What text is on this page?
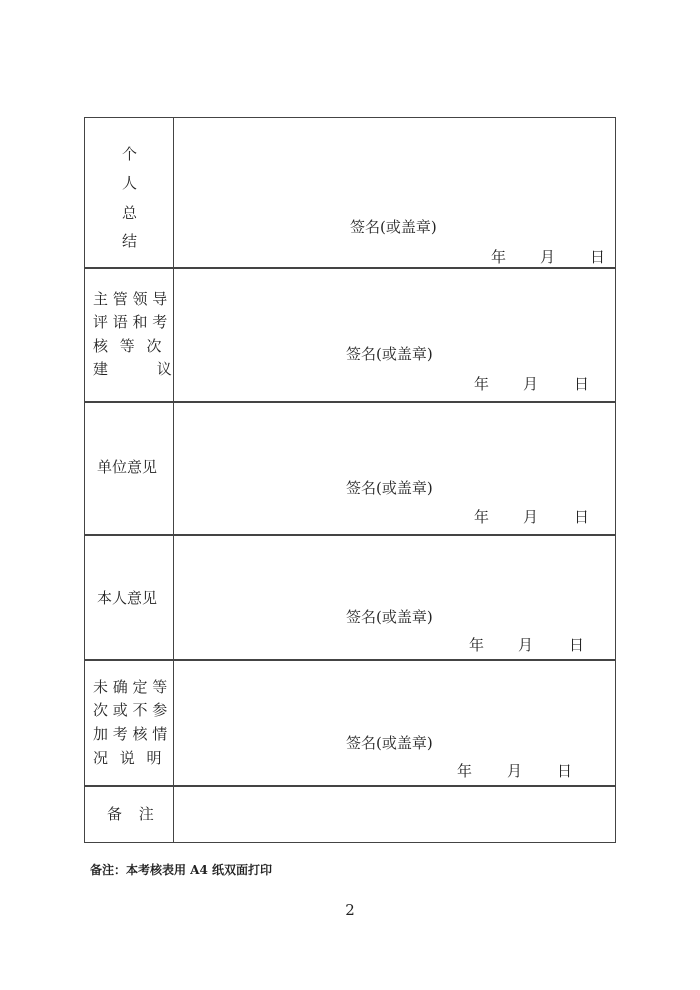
个
人
总
结
签名(或盖章)
年 月 日
主 管 领 导
评 语 和 考
核 等 次
建 议
签名(或盖章)
年 月 日
单位意见
签名(或盖章)
年 月 日
本人意见
签名(或盖章)
年 月 日
未 确 定 等
次 或 不 参
加 考 核 情
况 说 明
签名(或盖章)
年 月 日
备 注
备注：本考核表用 A4 纸双面打印
2
